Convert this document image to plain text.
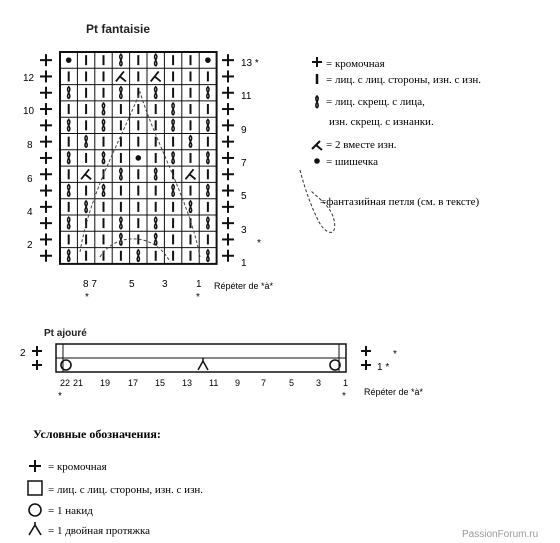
Pt fantaisie
12
10
8
6
4
2
13 *
11
9
7
5
3
1
*
8 7	5	3	1
*	*
Répéter de *à*
= кромочная
= лиц. с лиц. стороны, изн. с изн.
= лиц. скрещ. с лица,
изн. скрещ. с изнанки.
= 2 вместе изн.
= шишечка
=фантазийная петля (см. в тексте)
Pt ajouré
2
1 *
*
22 21 19 17 15 13 11 9 7	5 3 1
*	* Répéter de *à*
Условные обозначения:
= кромочная
= лиц. с лиц. стороны, изн. с изн.
= 1 накид
= 1 двойная протяжка	PassionForum.ru
